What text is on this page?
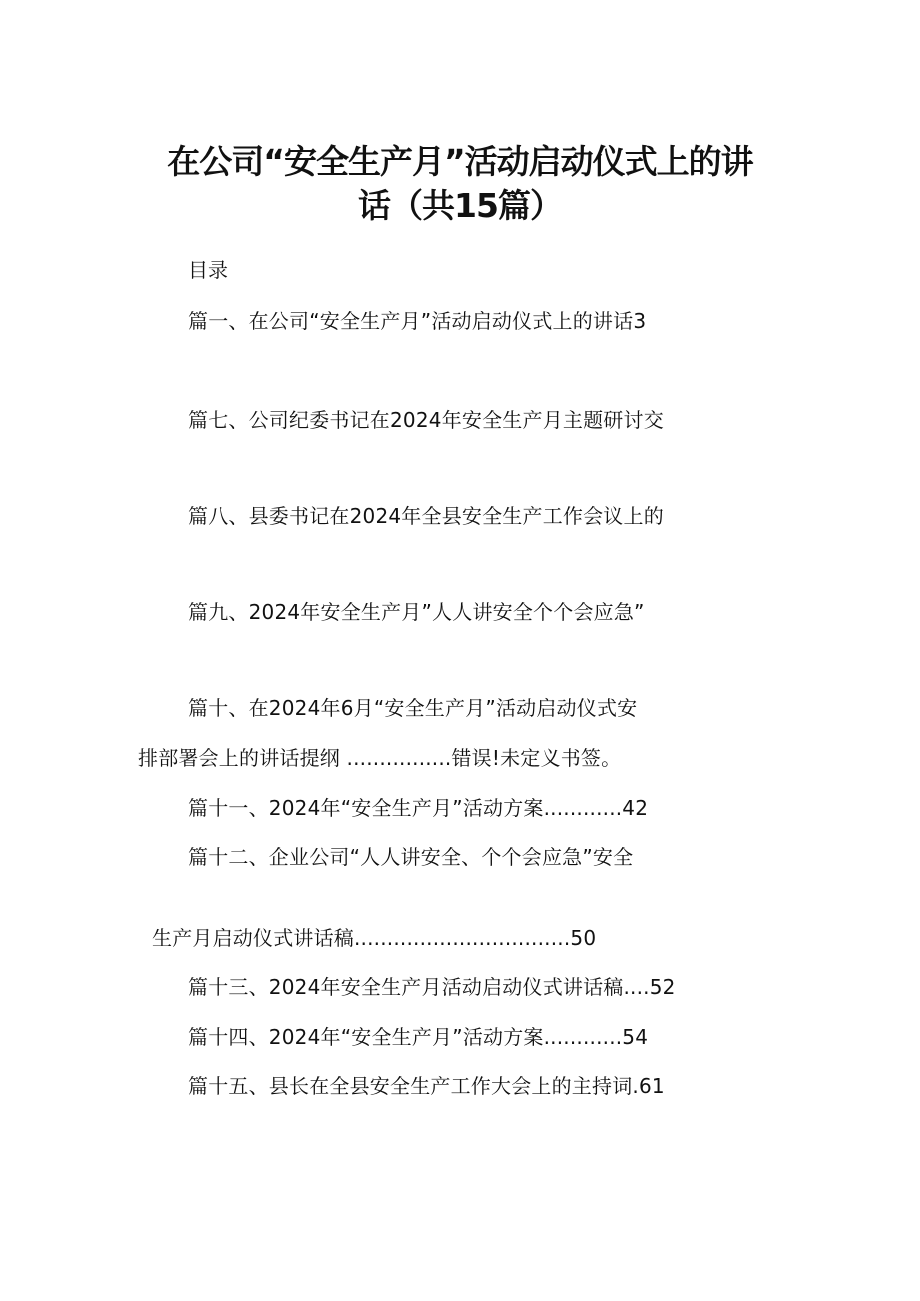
在公司“安全生产月”活动启动仪式上的讲
话（共15篇）
目录
篇一、在公司“安全生产月”活动启动仪式上的讲话3
篇七、公司纪委书记在2024年安全生产月主题研讨交
篇八、县委书记在2024年全县安全生产工作会议上的
篇九、2024年安全生产月”人人讲安全个个会应急”
篇十、在2024年6月“安全生产月”活动启动仪式安
排部署会上的讲话提纲 ................错误!未定义书签。
篇十一、2024年“安全生产月”活动方案............42
篇十二、企业公司“人人讲安全、个个会应急”安全
生产月启动仪式讲话稿.................................50
篇十三、2024年安全生产月活动启动仪式讲话稿....52
篇十四、2024年“安全生产月”活动方案............54
篇十五、县长在全县安全生产工作大会上的主持词.61
